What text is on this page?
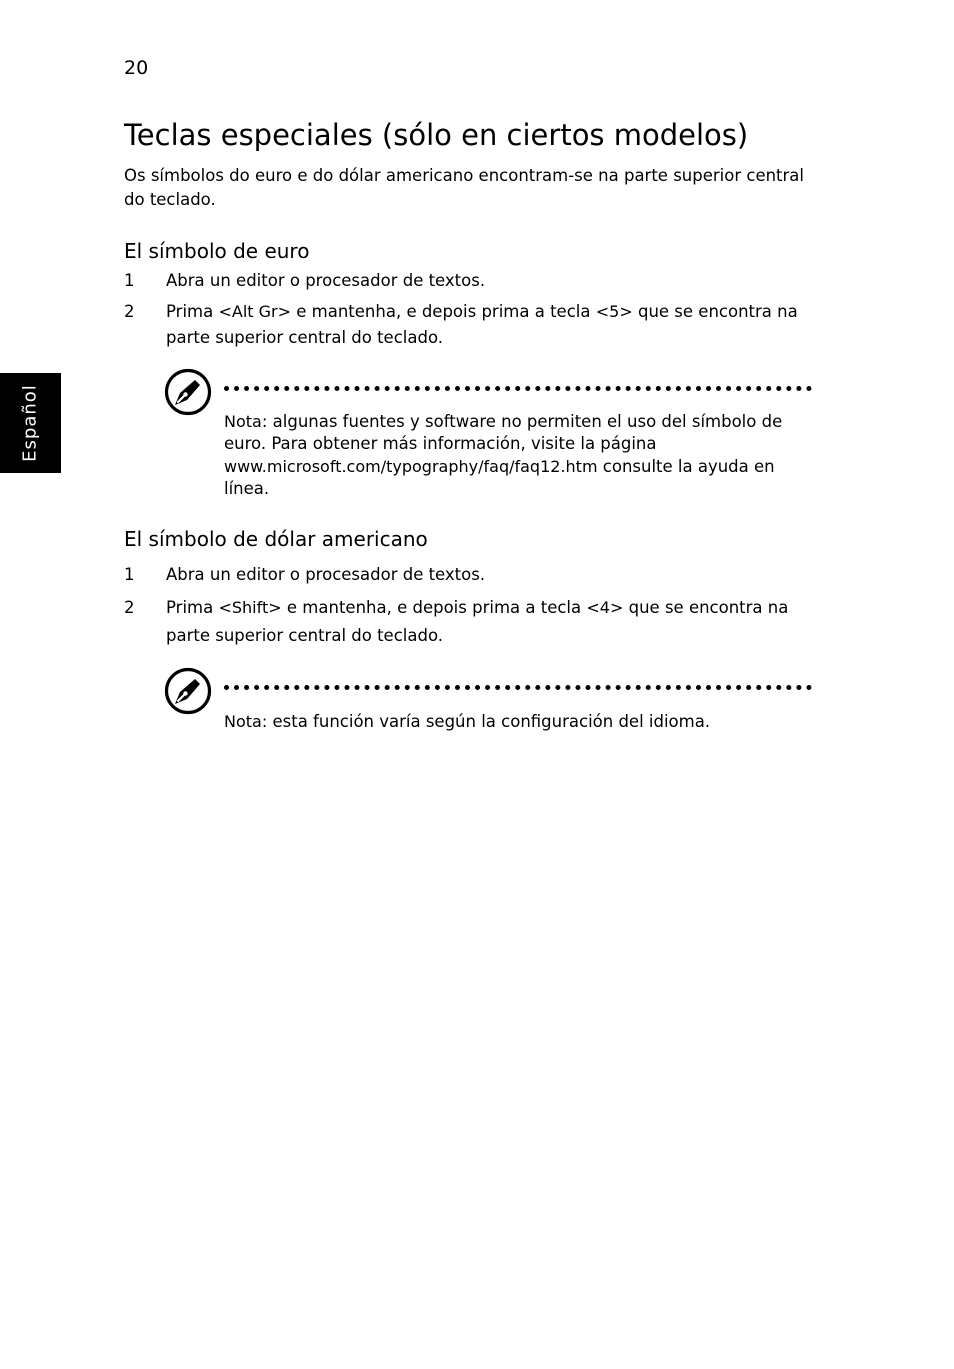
20
Español
Teclas especiales (sólo en ciertos modelos)

Os símbolos do euro e do dólar americano encontram-se na parte superior central do teclado.

El símbolo de euro
1 Abra un editor o procesador de textos.
2 Prima <Alt Gr> e mantenha, e depois prima a tecla <5> que se encontra na parte superior central do teclado.

Nota: algunas fuentes y software no permiten el uso del símbolo de euro. Para obtener más información, visite la página www.microsoft.com/typography/faq/faq12.htm consulte la ayuda en línea.

El símbolo de dólar americano
1 Abra un editor o procesador de textos.
2 Prima <Shift> e mantenha, e depois prima a tecla <4> que se encontra na parte superior central do teclado.

Nota: esta función varía según la configuración del idioma.
